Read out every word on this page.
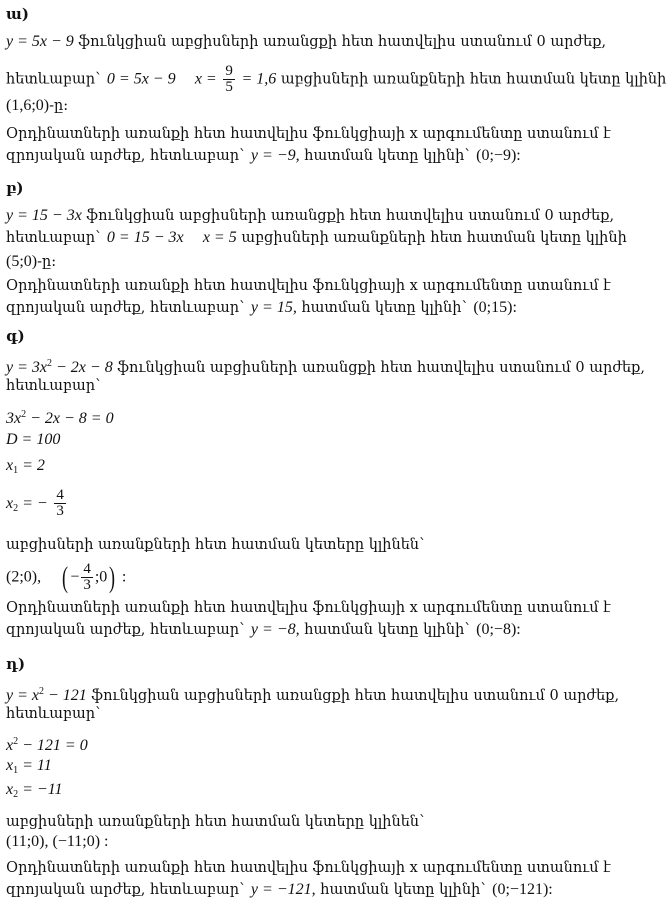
ա)
y = 5x − 9 ֆունկցիան աբցիսների առանցքի հետ հատվելիս ստանում 0 արժեք,
հետևաբար` 0 = 5x − 9 $x = \frac{9}{5} = 1,6$ աբցիսների առանքների հետ հատման կետը կլինի
(1,6;0)-ը:
Օրդինատների առանքի հետ հատվելիս ֆունկցիայի x արգումենտը ստանում է
զրոյական արժեք, հետևաբար` y = −9, հատման կետը կլինի` (0;−9):
բ)
y = 15 − 3x ֆունկցիան աբցիսների առանցքի հետ հատվելիս ստանում 0 արժեք,
հետևաբար` 0 = 15 − 3x x = 5 աբցիսների առանքների հետ հատման կետը կլինի
(5;0)-ը:
Օրդինատների առանքի հետ հատվելիս ֆունկցիայի x արգումենտը ստանում է
զրոյական արժեք, հետևաբար` y = 15, հատման կետը կլինի` (0;15):
գ)
$y = 3x^2 - 2x - 8$ ֆունկցիան աբցիսների առանցքի հետ հատվելիս ստանում 0 արժեք,
հետևաբար`
$3x^2 - 2x - 8 = 0$
D = 100
$x_1 = 2$
$x_2$ = − $\frac{4}{3}$
աբցիսների առանքների հետ հատման կետերը կլինեն`
(2;0), ( − $\frac{4}{3}$ ;0) :
Օրդինատների առանքի հետ հատվելիս ֆունկցիայի x արգումենտը ստանում է
զրոյական արժեք, հետևաբար` y = −8, հատման կետը կլինի` (0;−8):
դ)
$y = x^2 - 121$ ֆունկցիան աբցիսների առանցքի հետ հատվելիս ստանում 0 արժեք,
հետևաբար`
$x^2 - 121 = 0$
$x_1 = 11$
$x_2 = -11$
աբցիսների առանքների հետ հատման կետերը կլինեն`
(11;0), (−11;0) :
Օրդինատների առանքի հետ հատվելիս ֆունկցիայի x արգումենտը ստանում է
զրոյական արժեք, հետևաբար` y = −121, հատման կետը կլինի` (0;−121):
